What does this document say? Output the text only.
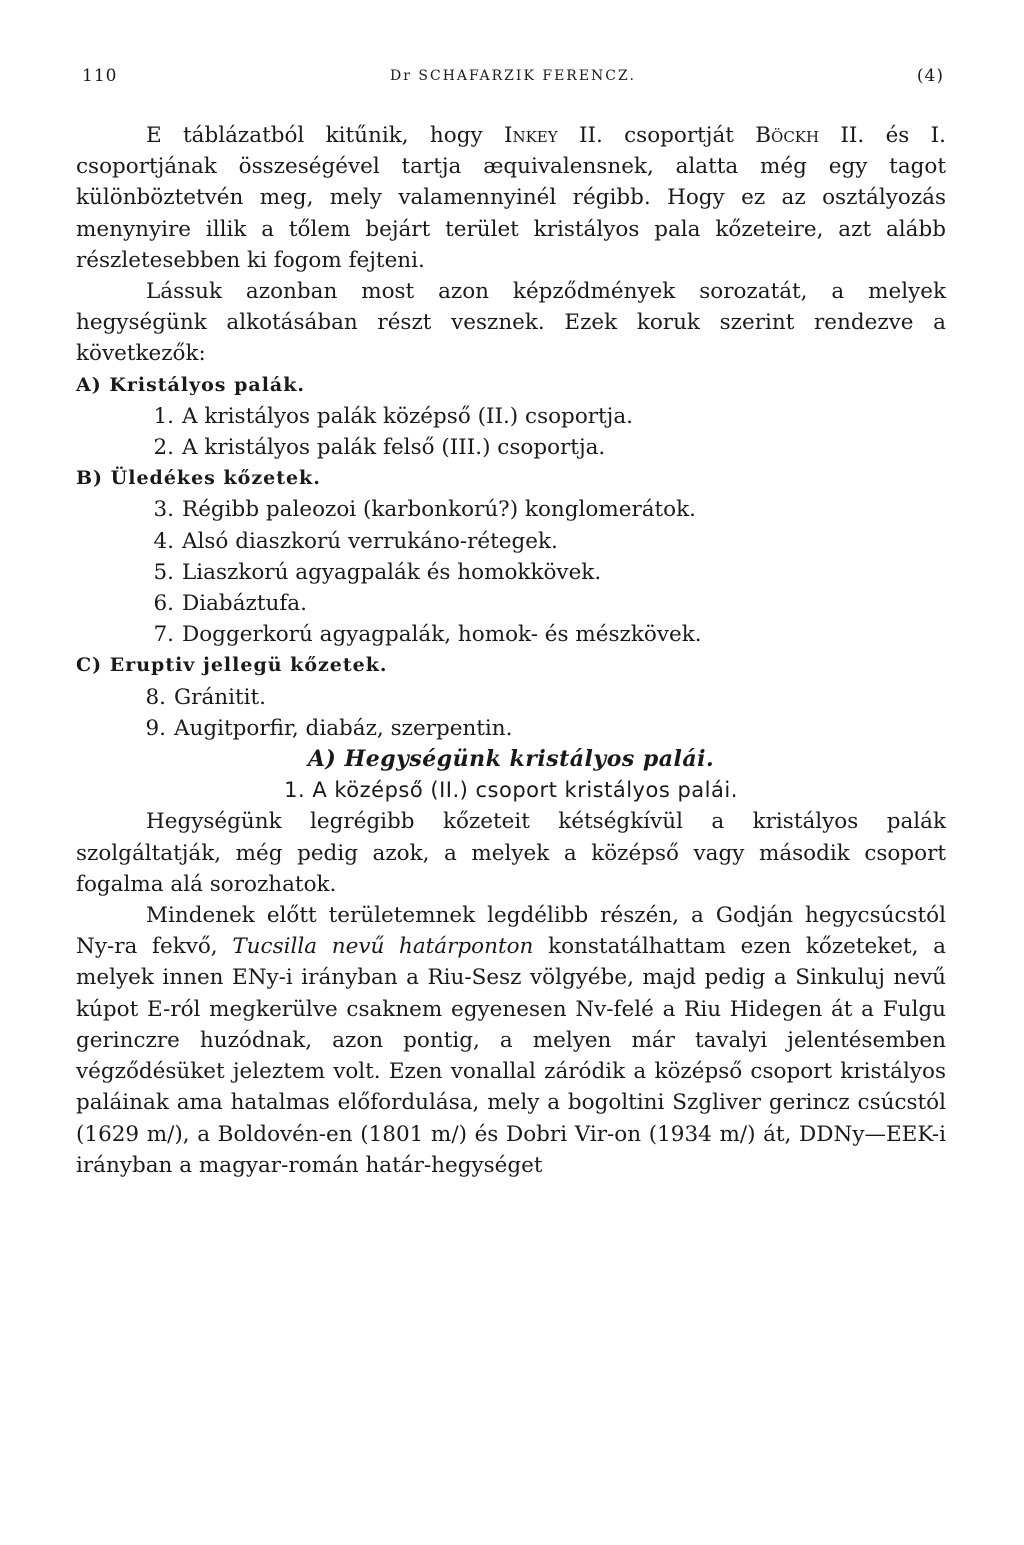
110	Dr SCHAFARZIK FERENCZ.	(4)

E táblázatból kitűnik, hogy Inkey II. csoportját Böckh II. és I. csoportjának összeségével tartja æquivalensnek, alatta még egy tagot különböztetvén meg, mely valamennyinél régibb. Hogy ez az osztályozás menynyire illik a tőlem bejárt terület kristályos pala kőzeteire, azt alább részletesebben ki fogom fejteni.

Lássuk azonban most azon képződmények sorozatát, a melyek hegységünk alkotásában részt vesznek. Ezek koruk szerint rendezve a következők:

A) Kristályos palák.

1. A kristályos palák középső (II.) csoportja.

2. A kristályos palák felső (III.) csoportja.

B) Üledékes kőzetek.

3. Régibb paleozoi (karbonkorú?) konglomerátok.

4. Alsó diaszkorú verrukáno-rétegek.

5. Liaszkorú agyagpalák és homokkövek.

6. Diabáztufa.

7. Doggerkorú agyagpalák, homok- és mészkövek.

C) Eruptiv jellegü kőzetek.

8. Gránitit.

9. Augitporfir, diabáz, szerpentin.

A) Hegységünk kristályos palái.

1. A középső (II.) csoport kristályos palái.

Hegységünk legrégibb kőzeteit kétségkívül a kristályos palák szolgáltatják, még pedig azok, a melyek a középső vagy második csoport fogalma alá sorozhatok.

Mindenek előtt területemnek legdélibb részén, a Godján hegycsúcstól Ny-ra fekvő, Tucsilla nevű határponton konstatálhattam ezen kőzeteket, a melyek innen ENy-i irányban a Riu-Sesz völgyébe, majd pedig a Sinkuluj nevű kúpot E-ról megkerülve csaknem egyenesen Nv-felé a Riu Hidegen át a Fulgu gerinczre huzódnak, azon pontig, a melyen már tavalyi jelentésemben végződésüket jeleztem volt. Ezen vonallal záródik a középső csoport kristályos paláinak ama hatalmas előfordulása, mely a bogoltini Szgliver gerincz csúcstól (1629 m/), a Boldovén-en (1801 m/) és Dobri Vir-on (1934 m/) át, DDNy—EEK-i irányban a magyar-román határ-hegységet
